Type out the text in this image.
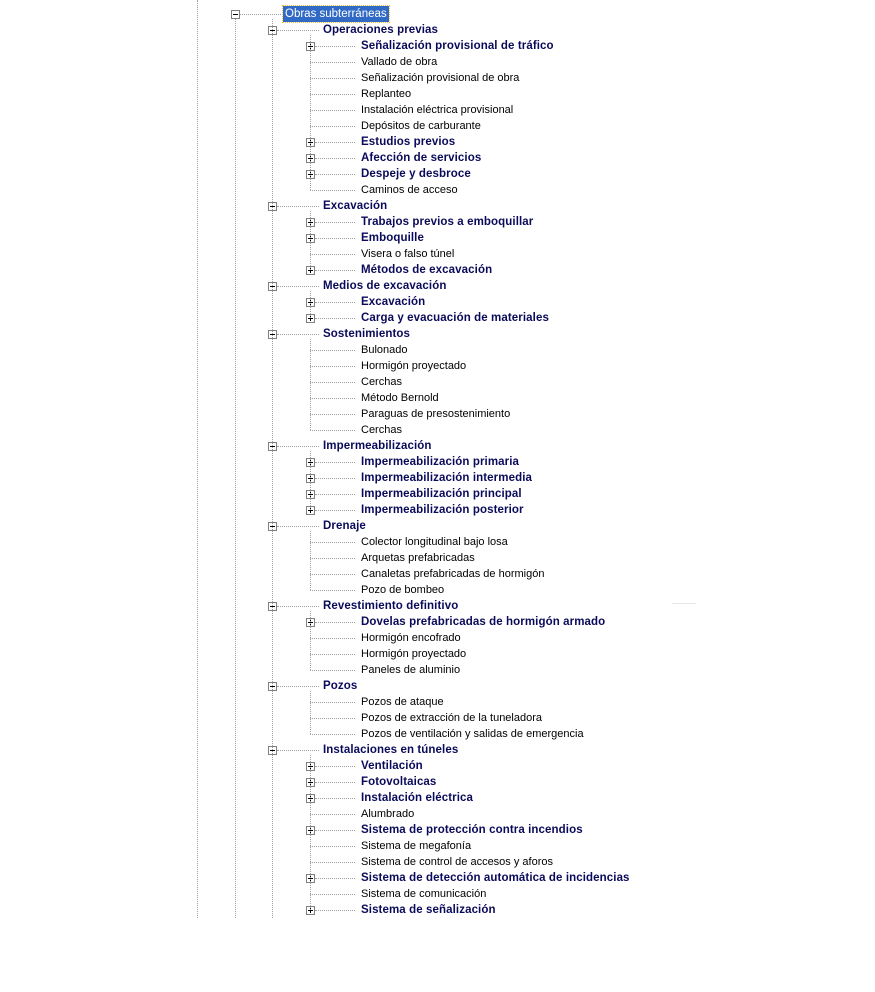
Obras subterráneas
Operaciones previas
Señalización provisional de tráfico
Vallado de obra
Señalización provisional de obra
Replanteo
Instalación eléctrica provisional
Depósitos de carburante
Estudios previos
Afección de servicios
Despeje y desbroce
Caminos de acceso
Excavación
Trabajos previos a emboquillar
Emboquille
Visera o falso túnel
Métodos de excavación
Medios de excavación
Excavación
Carga y evacuación de materiales
Sostenimientos
Bulonado
Hormigón proyectado
Cerchas
Método Bernold
Paraguas de presostenimiento
Cerchas
Impermeabilización
Impermeabilización primaria
Impermeabilización intermedia
Impermeabilización principal
Impermeabilización posterior
Drenaje
Colector longitudinal bajo losa
Arquetas prefabricadas
Canaletas prefabricadas de hormigón
Pozo de bombeo
Revestimiento definitivo
Dovelas prefabricadas de hormigón armado
Hormigón encofrado
Hormigón proyectado
Paneles de aluminio
Pozos
Pozos de ataque
Pozos de extracción de la tuneladora
Pozos de ventilación y salidas de emergencia
Instalaciones en túneles
Ventilación
Fotovoltaicas
Instalación eléctrica
Alumbrado
Sistema de protección contra incendios
Sistema de megafonía
Sistema de control de accesos y aforos
Sistema de detección automática de incidencias
Sistema de comunicación
Sistema de señalización
